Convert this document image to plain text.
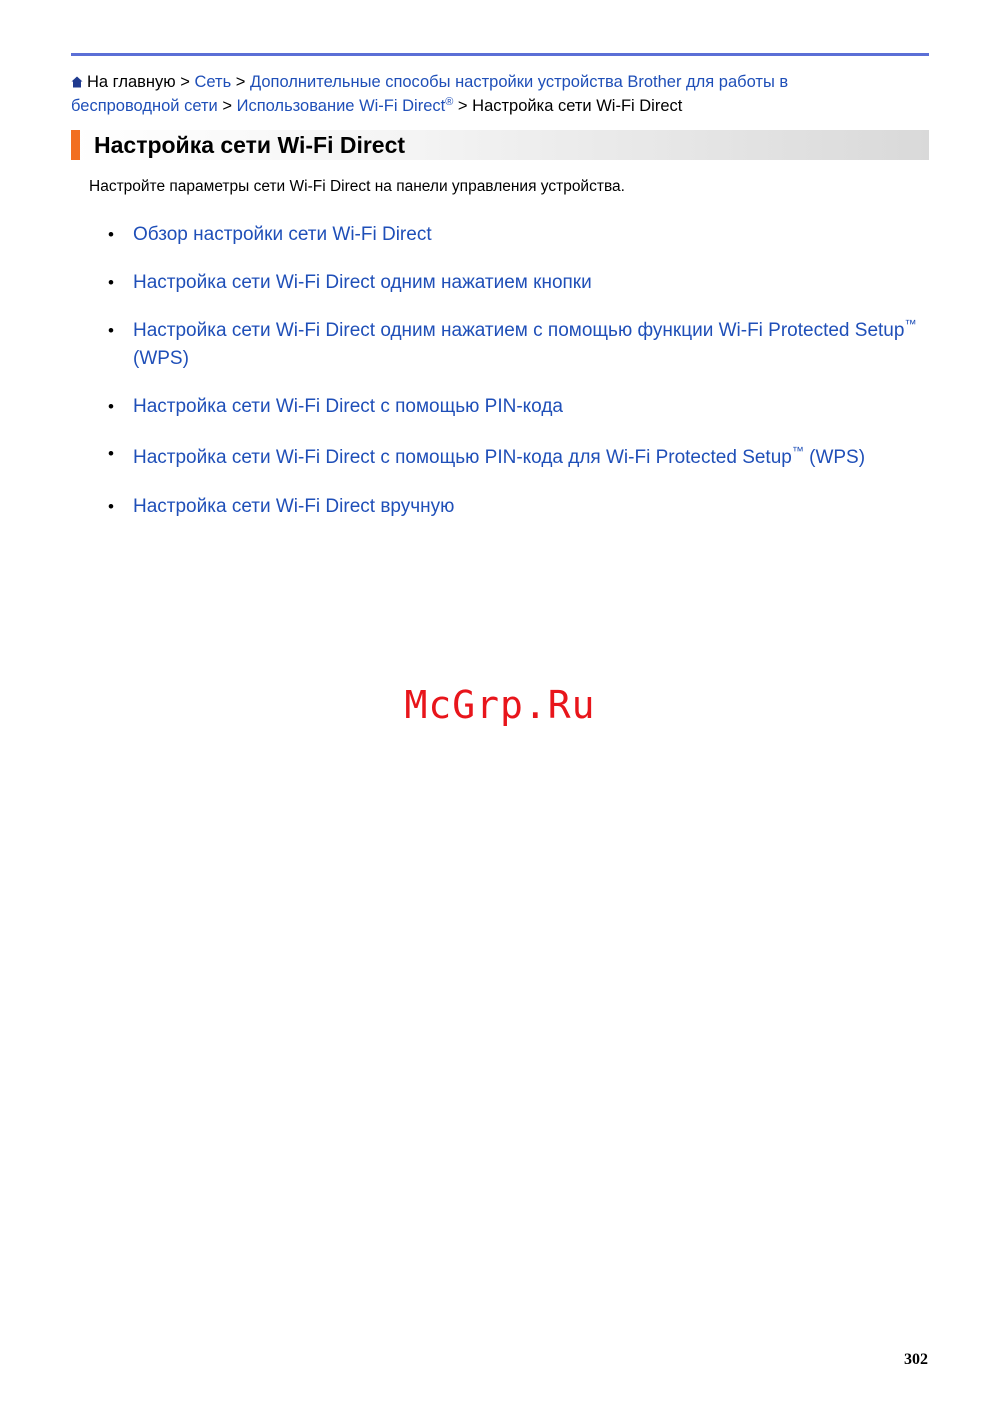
На главную > Сеть > Дополнительные способы настройки устройства Brother для работы в беспроводной сети > Использование Wi-Fi Direct® > Настройка сети Wi-Fi Direct
Настройка сети Wi-Fi Direct
Настройте параметры сети Wi-Fi Direct на панели управления устройства.
• Обзор настройки сети Wi-Fi Direct
• Настройка сети Wi-Fi Direct одним нажатием кнопки
• Настройка сети Wi-Fi Direct одним нажатием с помощью функции Wi-Fi Protected Setup™ (WPS)
• Настройка сети Wi-Fi Direct с помощью PIN-кода
• Настройка сети Wi-Fi Direct с помощью PIN-кода для Wi-Fi Protected Setup™ (WPS)
• Настройка сети Wi-Fi Direct вручную
McGrp.Ru
302
